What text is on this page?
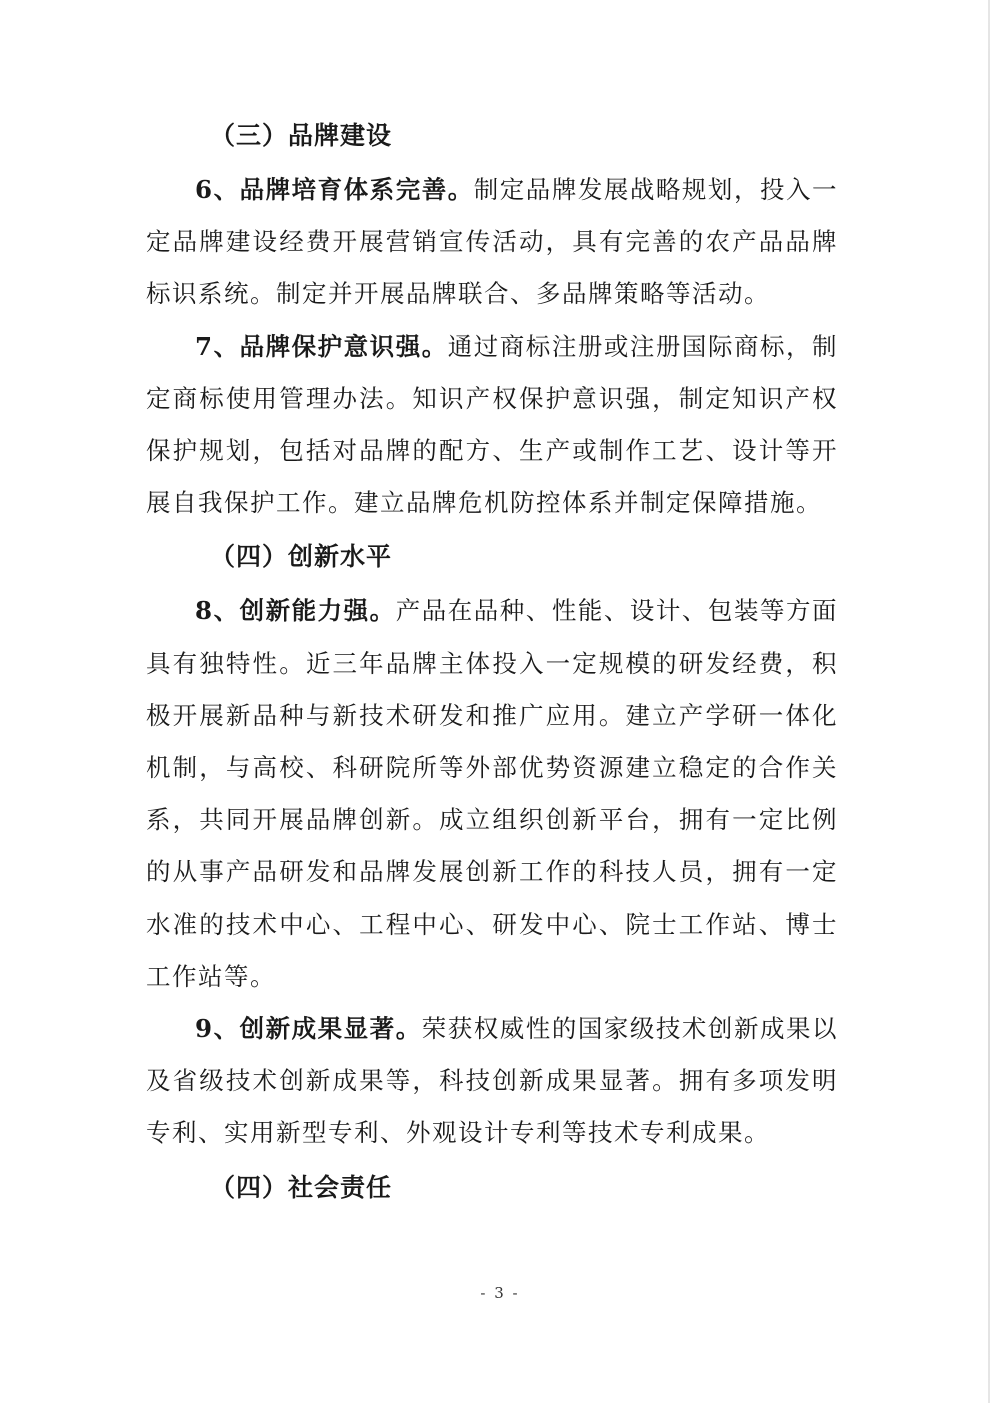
（三）品牌建设

6、品牌培育体系完善。制定品牌发展战略规划，投入一定品牌建设经费开展营销宣传活动，具有完善的农产品品牌标识系统。制定并开展品牌联合、多品牌策略等活动。

7、品牌保护意识强。通过商标注册或注册国际商标，制定商标使用管理办法。知识产权保护意识强，制定知识产权保护规划，包括对品牌的配方、生产或制作工艺、设计等开展自我保护工作。建立品牌危机防控体系并制定保障措施。

（四）创新水平

8、创新能力强。产品在品种、性能、设计、包装等方面具有独特性。近三年品牌主体投入一定规模的研发经费，积极开展新品种与新技术研发和推广应用。建立产学研一体化机制，与高校、科研院所等外部优势资源建立稳定的合作关系，共同开展品牌创新。成立组织创新平台，拥有一定比例的从事产品研发和品牌发展创新工作的科技人员，拥有一定水准的技术中心、工程中心、研发中心、院士工作站、博士工作站等。

9、创新成果显著。荣获权威性的国家级技术创新成果以及省级技术创新成果等，科技创新成果显著。拥有多项发明专利、实用新型专利、外观设计专利等技术专利成果。

（四）社会责任
- 3 -
